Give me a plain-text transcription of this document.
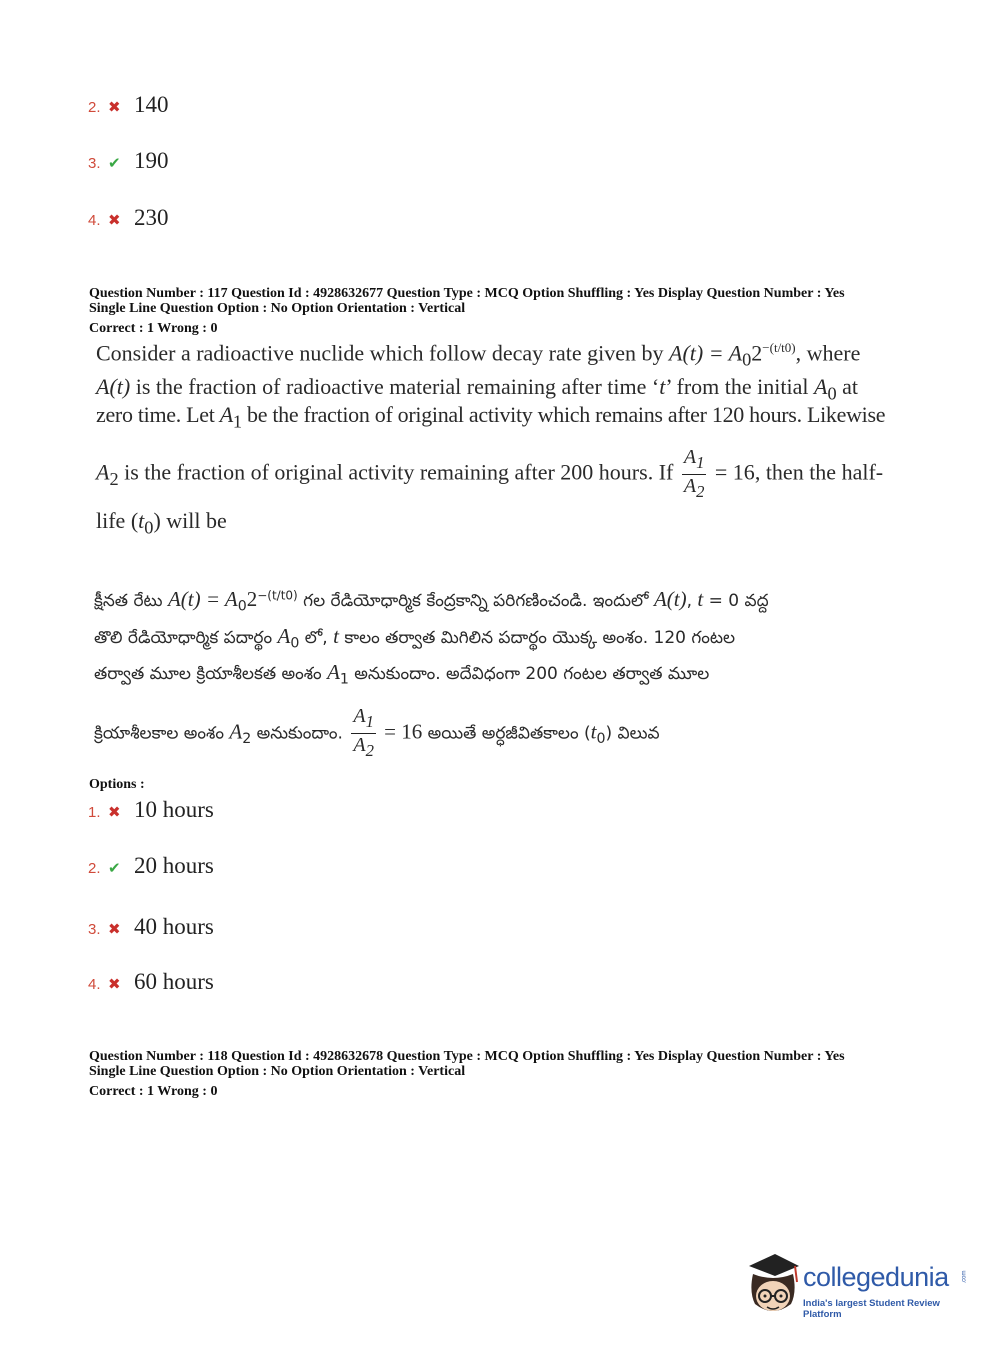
2. ✖ 140
3. ✔ 190
4. ✖ 230

Question Number : 117 Question Id : 4928632677 Question Type : MCQ Option Shuffling : Yes Display Question Number : Yes

Single Line Question Option : No Option Orientation : Vertical

Correct : 1 Wrong : 0

Consider a radioactive nuclide which follow decay rate given by $A(t) = A_02^{-(t/t0)}$, where
A(t) is the fraction of radioactive material remaining after time ‘t’ from the initial $A_0$ at
zero time. Let $A_1$ be the fraction of original activity which remains after 120 hours. Likewise
$A_2$ is the fraction of original activity remaining after 200 hours. If $\frac{A_1}{A_2} = 16$, then the half-
life $(t_0)$ will be
క్షీనత రేటు $A(t) = A_02^{-(t/t0)}$ గల రేడియోధార్మిక కేంద్రకాన్ని పరిగణించండి. ఇందులో A(t), t = 0 వద్ద
తొలి రేడియోధార్మిక పదార్థం $A_0$ లో, t కాలం తర్వాత మిగిలిన పదార్థం యొక్క అంశం. 120 గంటల
తర్వాత మూల క్రియాశీలకత అంశం $A_1$ అనుకుందాం. అదేవిధంగా 200 గంటల తర్వాత మూల
క్రియాశీలకాల అంశం $A_2$ అనుకుందాం. $\frac{A_1}{A_2} = 16$ అయితే అర్ధజీవితకాలం $(t_0)$ విలువ
Options :
1. ✖ 10 hours
2. ✔ 20 hours
3. ✖ 40 hours
4. ✖ 60 hours

Question Number : 118 Question Id : 4928632678 Question Type : MCQ Option Shuffling : Yes Display Question Number : Yes

Single Line Question Option : No Option Orientation : Vertical

Correct : 1 Wrong : 0

collegedunia .com
India's largest Student Review Platform
